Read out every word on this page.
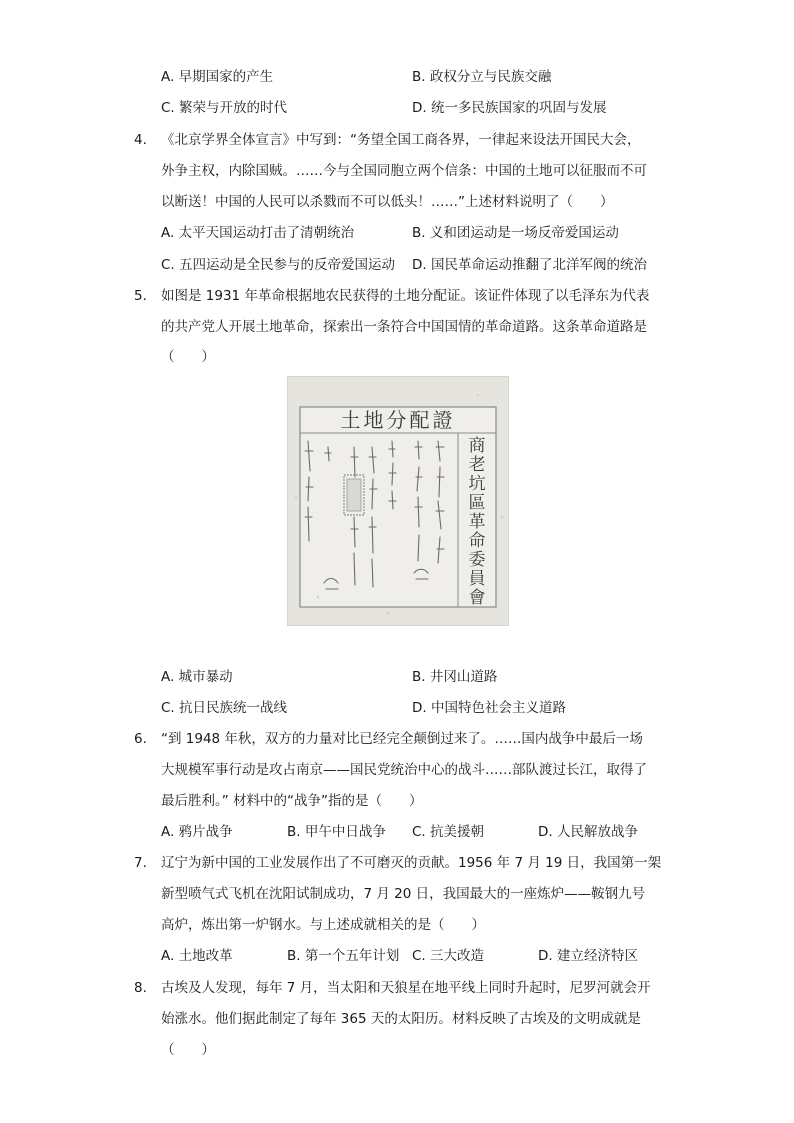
A. 早期国家的产生	B. 政权分立与民族交融
C. 繁荣与开放的时代	D. 统一多民族国家的巩固与发展
4. 《北京学界全体宣言》中写到：“务望全国工商各界，一律起来设法开国民大会，
外争主权，内除国贼。……今与全国同胞立两个信条：中国的土地可以征服而不可
以断送！中国的人民可以杀戮而不可以低头！……”上述材料说明了（　　）
A. 太平天国运动打击了清朝统治	B. 义和团运动是一场反帝爱国运动
C. 五四运动是全民参与的反帝爱国运动 D. 国民革命运动推翻了北洋军阀的统治
5. 如图是 1931 年革命根据地农民获得的土地分配证。该证件体现了以毛泽东为代表
的共产党人开展土地革命，探索出一条符合中国国情的革命道路。这条革命道路是
（　　）
土地分配證
商
老
坑
區
革
命
委
員
會
A. 城市暴动	B. 井冈山道路
C. 抗日民族统一战线	D. 中国特色社会主义道路
6. “到 1948 年秋，双方的力量对比已经完全颠倒过来了。……国内战争中最后一场
大规模军事行动是攻占南京——国民党统治中心的战斗……部队渡过长江，取得了
最后胜利。” 材料中的“战争”指的是（　　）
A. 鸦片战争	B. 甲午中日战争 C. 抗美援朝	D. 人民解放战争
7. 辽宁为新中国的工业发展作出了不可磨灭的贡献。1956 年 7 月 19 日，我国第一架
新型喷气式飞机在沈阳试制成功，7 月 20 日，我国最大的一座炼炉——鞍钢九号
高炉，炼出第一炉钢水。与上述成就相关的是（　　）
A. 土地改革	B. 第一个五年计划 C. 三大改造	D. 建立经济特区
8. 古埃及人发现，每年 7 月，当太阳和天狼星在地平线上同时升起时，尼罗河就会开
始涨水。他们据此制定了每年 365 天的太阳历。材料反映了古埃及的文明成就是
（　　）
